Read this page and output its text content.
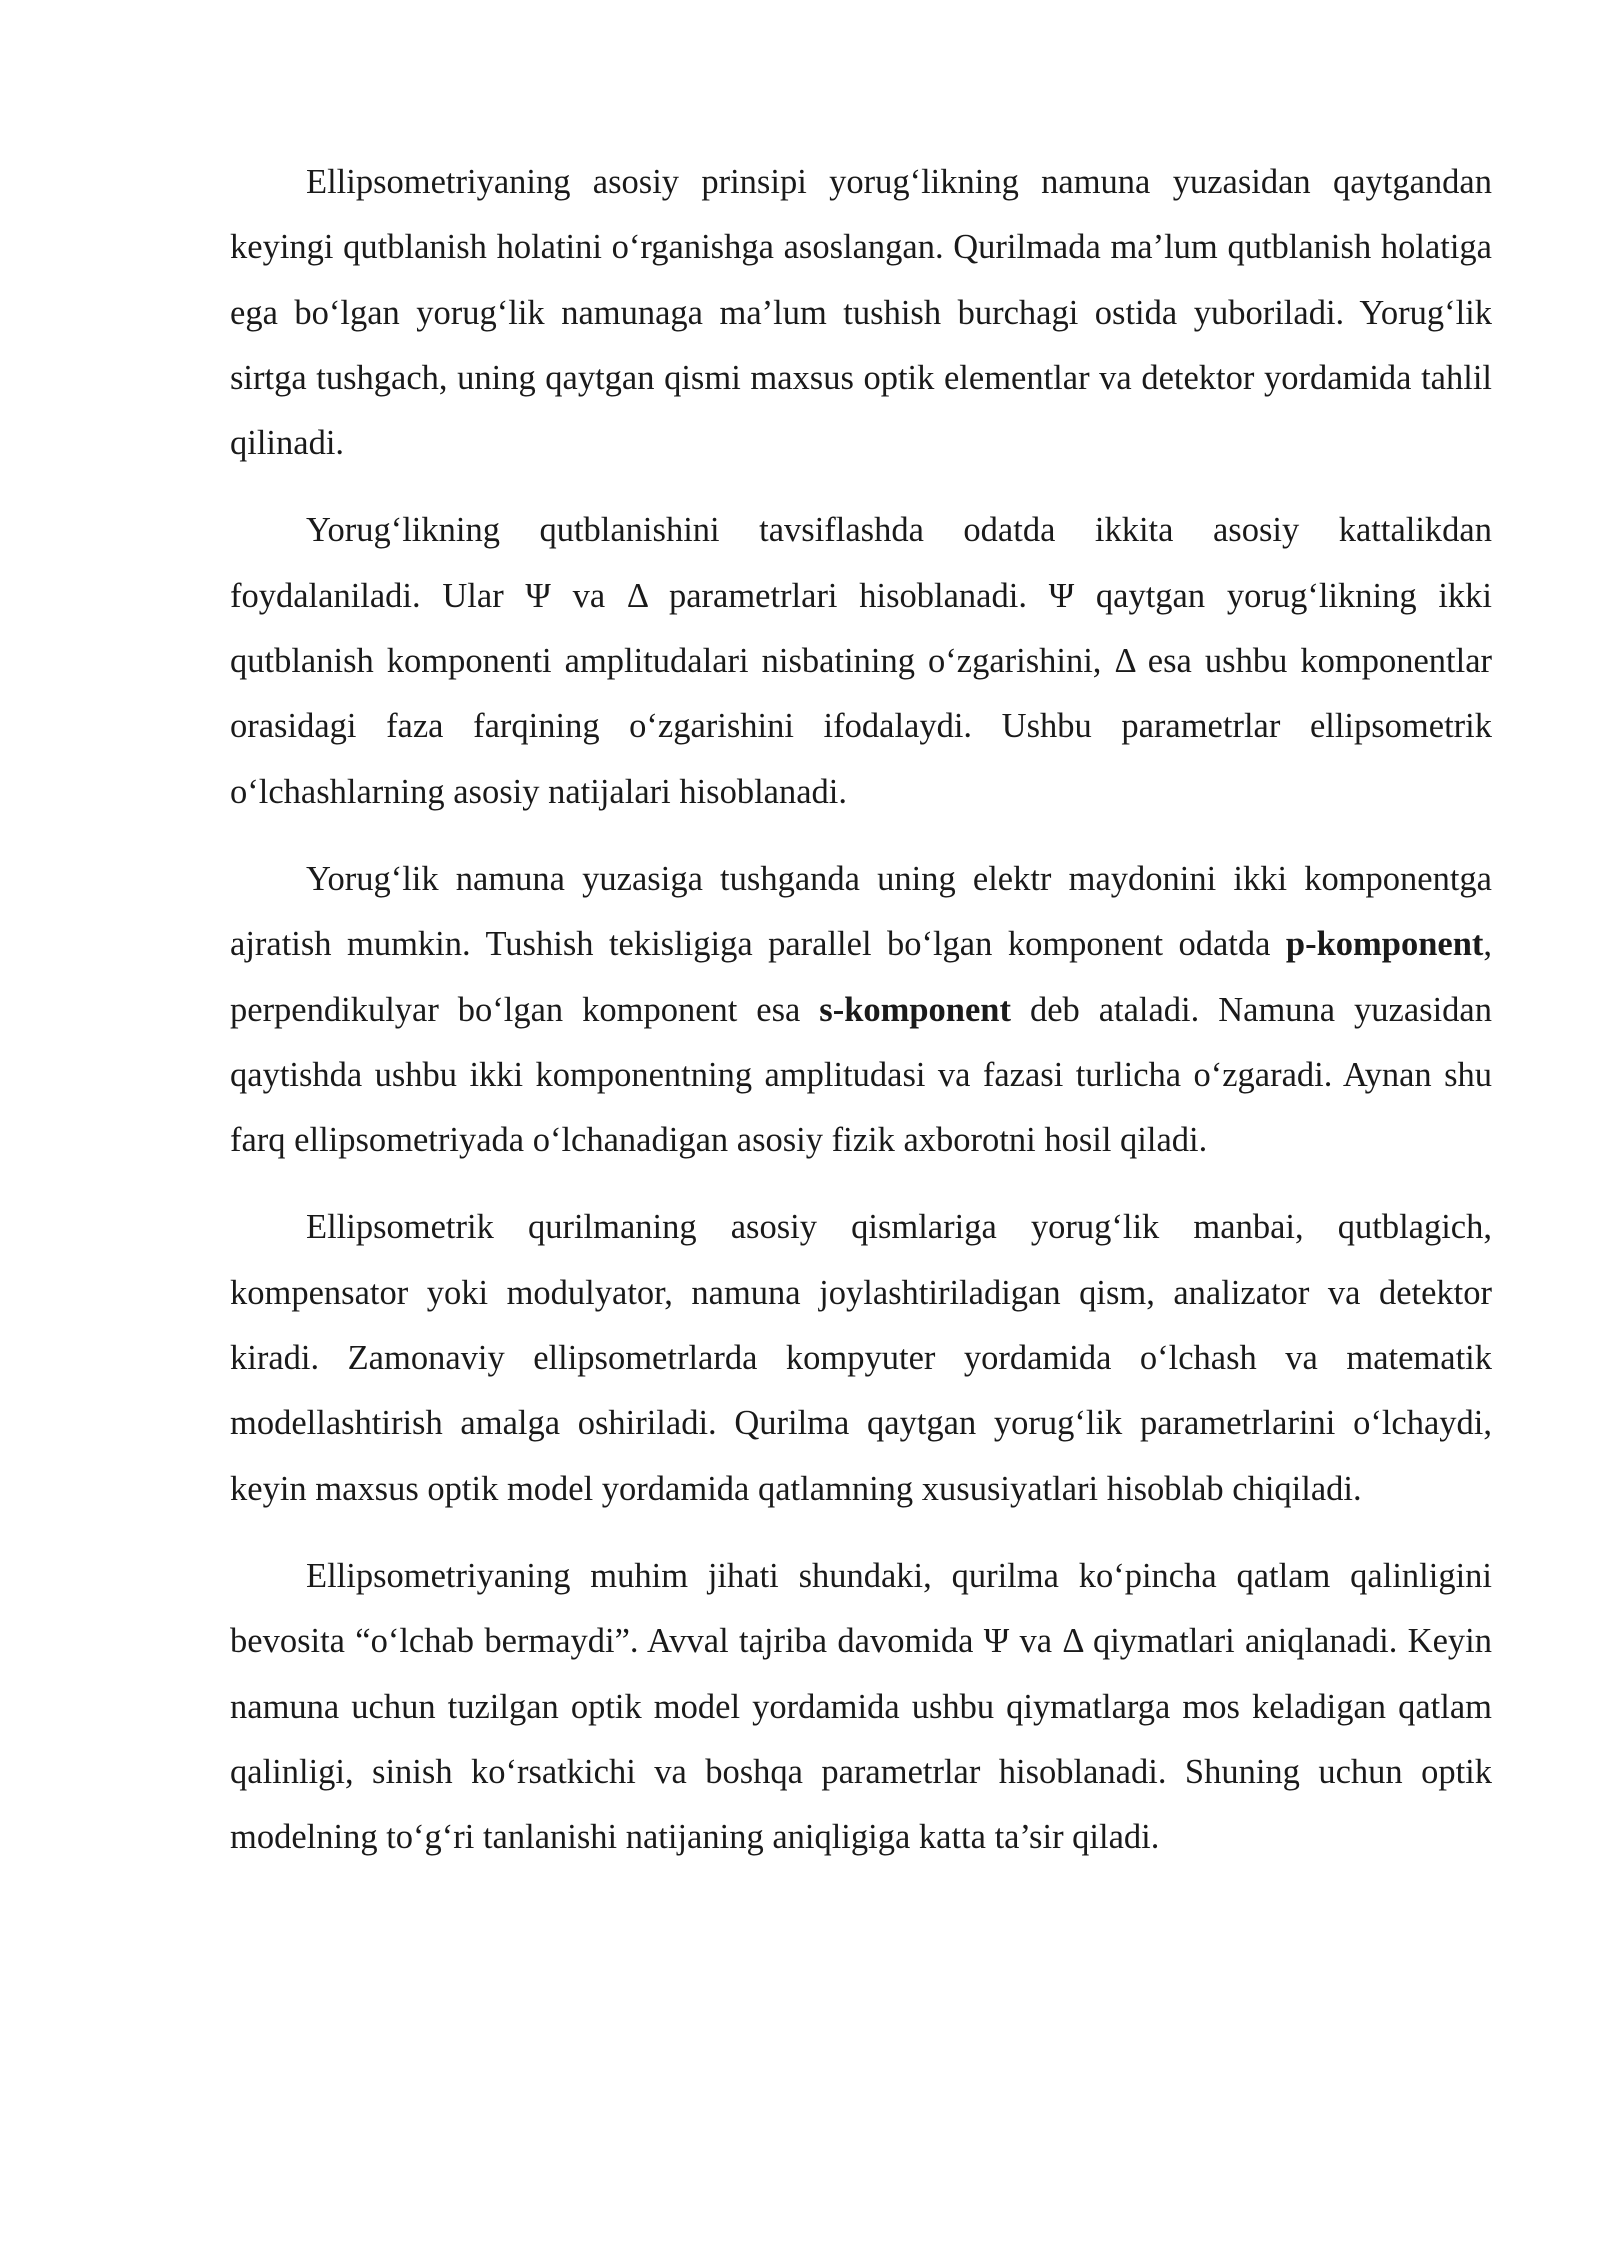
Ellipsometriyaning asosiy prinsipi yorug‘likning namuna yuzasidan qaytgandan keyingi qutblanish holatini o‘rganishga asoslangan. Qurilmada ma’lum qutblanish holatiga ega bo‘lgan yorug‘lik namunaga ma’lum tushish burchagi ostida yuboriladi. Yorug‘lik sirtga tushgach, uning qaytgan qismi maxsus optik elementlar va detektor yordamida tahlil qilinadi.

Yorug‘likning qutblanishini tavsiflashda odatda ikkita asosiy kattalikdan foydalaniladi. Ular Ψ va Δ parametrlari hisoblanadi. Ψ qaytgan yorug‘likning ikki qutblanish komponenti amplitudalari nisbatining o‘zgarishini, Δ esa ushbu komponentlar orasidagi faza farqining o‘zgarishini ifodalaydi. Ushbu parametrlar ellipsometrik o‘lchashlarning asosiy natijalari hisoblanadi.

Yorug‘lik namuna yuzasiga tushganda uning elektr maydonini ikki komponentga ajratish mumkin. Tushish tekisligiga parallel bo‘lgan komponent odatda p-komponent, perpendikulyar bo‘lgan komponent esa s-komponent deb ataladi. Namuna yuzasidan qaytishda ushbu ikki komponentning amplitudasi va fazasi turlicha o‘zgaradi. Aynan shu farq ellipsometriyada o‘lchanadigan asosiy fizik axborotni hosil qiladi.

Ellipsometrik qurilmaning asosiy qismlariga yorug‘lik manbai, qutblagich, kompensator yoki modulyator, namuna joylashtiriladigan qism, analizator va detektor kiradi. Zamonaviy ellipsometrlarda kompyuter yordamida o‘lchash va matematik modellashtirish amalga oshiriladi. Qurilma qaytgan yorug‘lik parametrlarini o‘lchaydi, keyin maxsus optik model yordamida qatlamning xususiyatlari hisoblab chiqiladi.

Ellipsometriyaning muhim jihati shundaki, qurilma ko‘pincha qatlam qalinligini bevosita “o‘lchab bermaydi”. Avval tajriba davomida Ψ va Δ qiymatlari aniqlanadi. Keyin namuna uchun tuzilgan optik model yordamida ushbu qiymatlarga mos keladigan qatlam qalinligi, sinish ko‘rsatkichi va boshqa parametrlar hisoblanadi. Shuning uchun optik modelning to‘g‘ri tanlanishi natijaning aniqligiga katta ta’sir qiladi.
